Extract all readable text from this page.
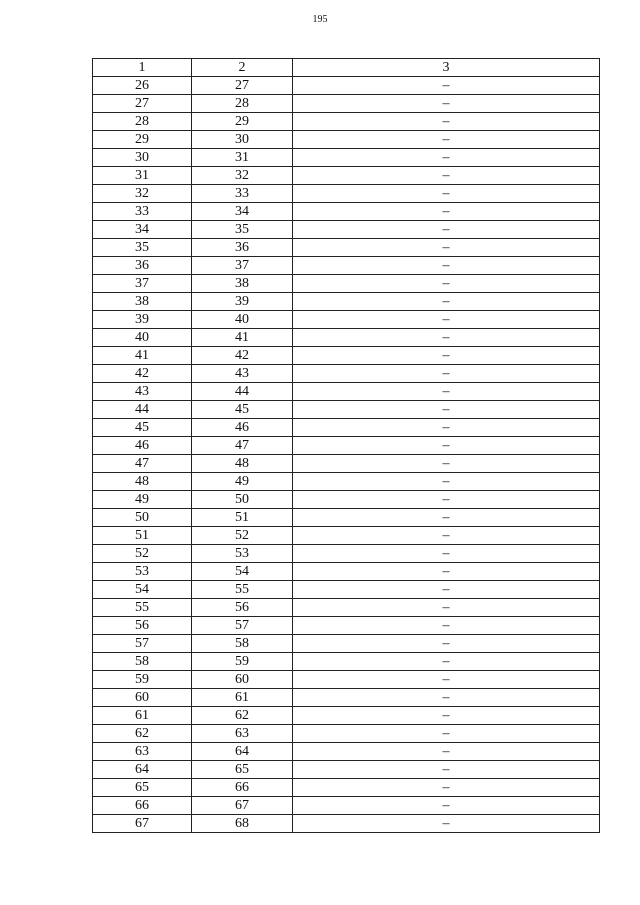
195
1	2	3
26	27	–
27	28	–
28	29	–
29	30	–
30	31	–
31	32	–
32	33	–
33	34	–
34	35	–
35	36	–
36	37	–
37	38	–
38	39	–
39	40	–
40	41	–
41	42	–
42	43	–
43	44	–
44	45	–
45	46	–
46	47	–
47	48	–
48	49	–
49	50	–
50	51	–
51	52	–
52	53	–
53	54	–
54	55	–
55	56	–
56	57	–
57	58	–
58	59	–
59	60	–
60	61	–
61	62	–
62	63	–
63	64	–
64	65	–
65	66	–
66	67	–
67	68	–
